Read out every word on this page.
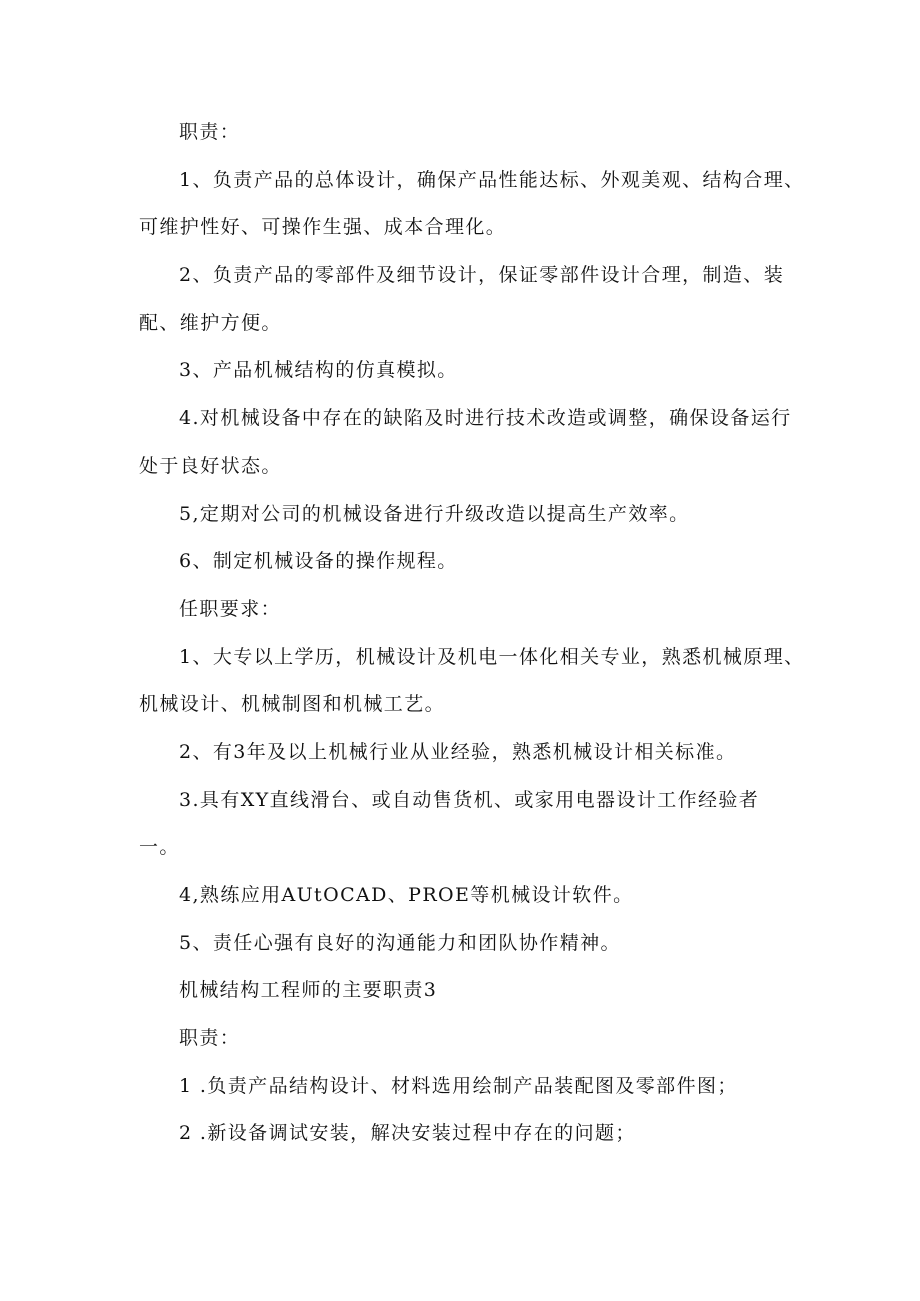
职责：
1、负责产品的总体设计，确保产品性能达标、外观美观、结构合理、
可维护性好、可操作生强、成本合理化。
2、负责产品的零部件及细节设计，保证零部件设计合理，制造、装
配、维护方便。
3、产品机械结构的仿真模拟。
4.对机械设备中存在的缺陷及时进行技术改造或调整，确保设备运行
处于良好状态。
5,定期对公司的机械设备进行升级改造以提高生产效率。
6、制定机械设备的操作规程。
任职要求：
1、大专以上学历，机械设计及机电一体化相关专业，熟悉机械原理、
机械设计、机械制图和机械工艺。
2、有3年及以上机械行业从业经验，熟悉机械设计相关标准。
3.具有XY直线滑台、或自动售货机、或家用电器设计工作经验者
一。
4,熟练应用AUtOCAD、PROE等机械设计软件。
5、责任心强有良好的沟通能力和团队协作精神。
机械结构工程师的主要职责3
职责：
1 .负责产品结构设计、材料选用绘制产品装配图及零部件图；
2 .新设备调试安装，解决安装过程中存在的问题；
